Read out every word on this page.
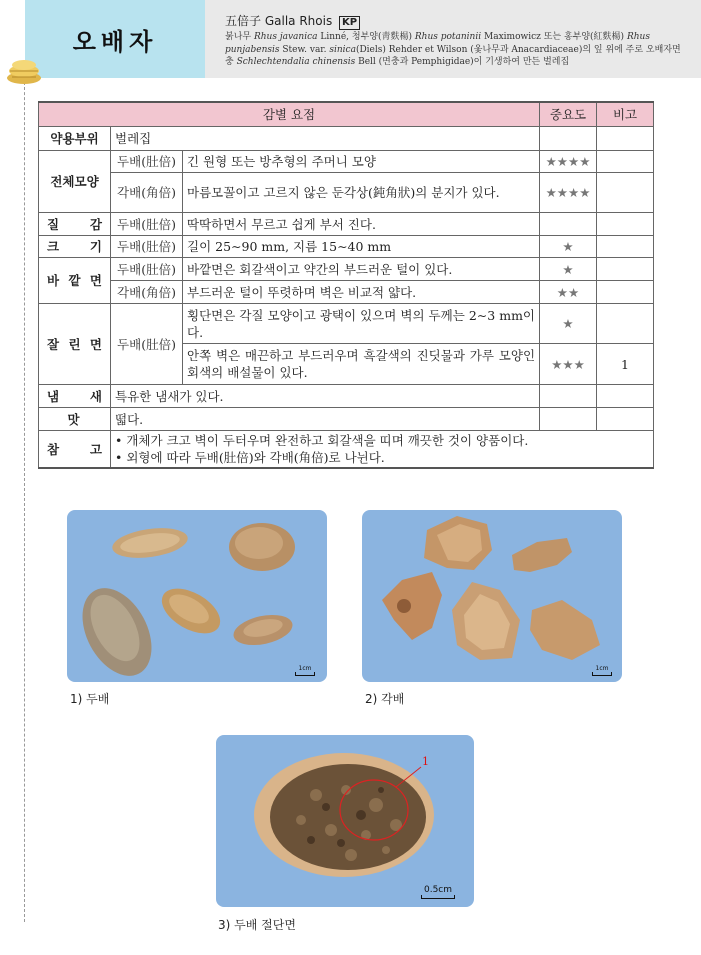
오배자
五倍子 Galla Rhois KP
붉나무 Rhus javanica Linné, 청부양(靑麩楊) Rhus potaninii Maximowicz 또는 홍부양(紅麩楊) Rhus punjabensis Stew. var. sinica(Diels) Rehder et Wilson (옻나무과 Anacardiaceae)의 잎 위에 주로 오배자면충 Schlechtendalia chinensis Bell (면충과 Pemphigidae)이 기생하여 만든 벌레집
감별 요점			중요도	비고
약용부위	벌레집			
전체모양	두배(肚倍)	긴 원형 또는 방추형의 주머니 모양	★★★★	
	각배(角倍)	마름모꼴이고 고르지 않은 둔각상(鈍角狀)의 분지가 있다.	★★★★	
질 감	두배(肚倍)	딱딱하면서 무르고 쉽게 부서 진다.		
크 기	두배(肚倍)	길이 25∼90 mm, 지름 15∼40 mm	★	
바 깥 면	두배(肚倍)	바깥면은 회갈색이고 약간의 부드러운 털이 있다.	★	
	각배(角倍)	부드러운 털이 뚜렷하며 벽은 비교적 얇다.	★★	
잘 린 면	두배(肚倍)	횡단면은 각질 모양이고 광택이 있으며 벽의 두께는 2∼3 mm이다.	★	
		안쪽 벽은 매끈하고 부드러우며 흑갈색의 진딧물과 가루 모양인 회색의 배설물이 있다.	★★★	1
냄 새	특유한 냄새가 있다.			
맛	떫다.			
참 고	• 개체가 크고 벽이 두터우며 완전하고 회갈색을 띠며 깨끗한 것이 양품이다.
• 외형에 따라 두배(肚倍)와 각배(角倍)로 나뉜다.			
1cm
1) 두배
1cm
2) 각배
1
0.5cm
3) 두배 절단면
